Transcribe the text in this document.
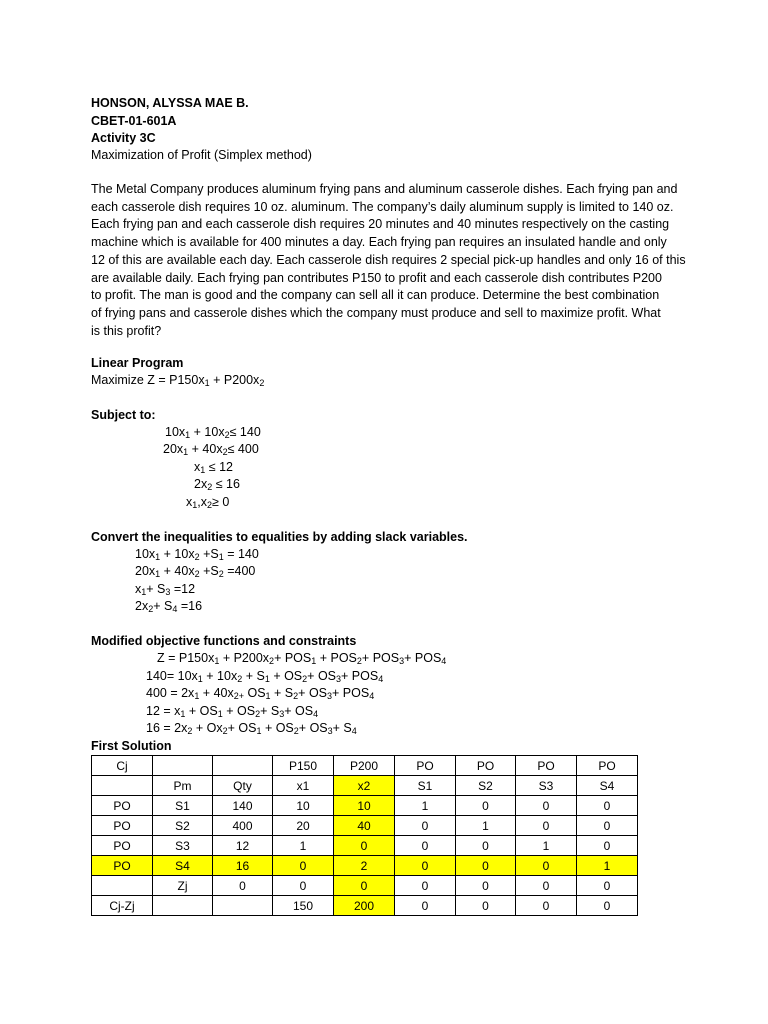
HONSON, ALYSSA MAE B.
CBET-01-601A
Activity 3C
Maximization of Profit (Simplex method)
The Metal Company produces aluminum frying pans and aluminum casserole dishes. Each frying pan and
each casserole dish requires 10 oz. aluminum. The company’s daily aluminum supply is limited to 140 oz.
Each frying pan and each casserole dish requires 20 minutes and 40 minutes respectively on the casting
machine which is available for 400 minutes a day. Each frying pan requires an insulated handle and only
12 of this are available each day. Each casserole dish requires 2 special pick-up handles and only 16 of this
are available daily. Each frying pan contributes P150 to profit and each casserole dish contributes P200
to profit. The man is good and the company can sell all it can produce. Determine the best combination
of frying pans and casserole dishes which the company must produce and sell to maximize profit. What
is this profit?
Linear Program
Maximize $Z = P150x_1 + P200x_2$
Subject to:
$10x_1 + 10x_2\le 140$
$20x_1 + 40x_2\le 400$
$x_1 \le 12$
$2x_2 \le 16$
$x_1,x_2\ge 0$
Convert the inequalities to equalities by adding slack variables.
$10x_1 + 10x_2 +S_1 = 140$
$20x_1 + 40x_2 +S_2 =400$
$x_1+ S_3 =12$
$2x_2+ S_4 =16$
Modified objective functions and constraints
$Z = P150x_1 + P200x_2+ POS_1 + POS_2+ POS_3+ POS_4$
$140= 10x_1 + 10x_2 + S_1 + OS_2+ OS_3+ POS_4$
$400 = 2x_1 + 40x_{2+}$ $OS_1 + S_2+ OS_3+ POS_4$
$12 = x_1 + OS_1 + OS_2+ S_3+ OS_4$
$16 = 2x_2 + Ox_2+ OS_1 + OS_2+ OS_3+ S_4$
First Solution
Cj			P150	P200	PO	PO	PO	PO
	Pm	Qty	x1	x2	S1	S2	S3	S4
PO	S1	140	10	10	1	0	0	0
PO	S2	400	20	40	0	1	0	0
PO	S3	12	1	0	0	0	1	0
PO	S4	16	0	2	0	0	0	1
	Zj	0	0	0	0	0	0	0
Cj-Zj			150	200	0	0	0	0
